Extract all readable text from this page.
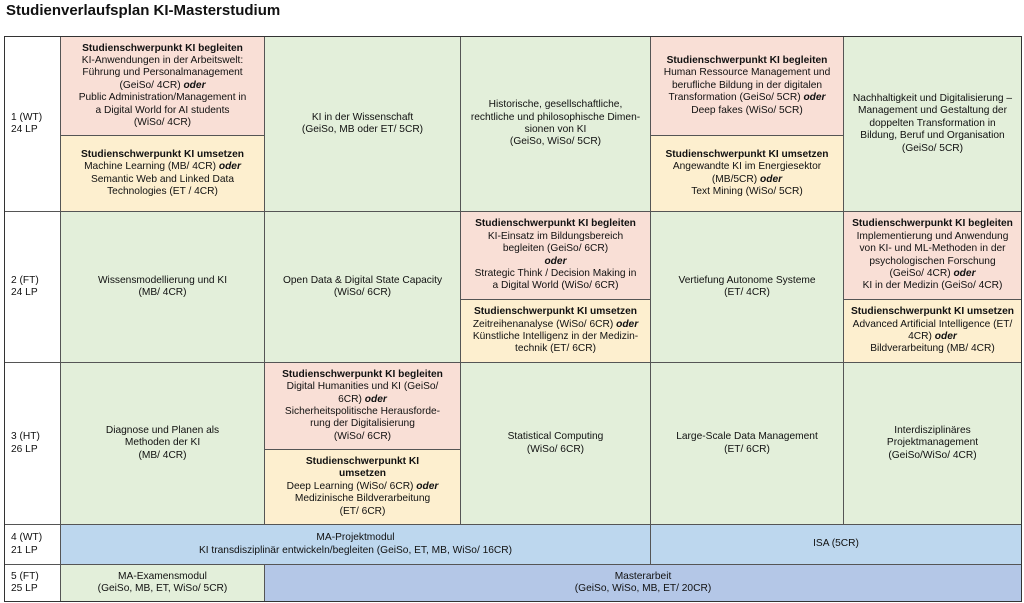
Studienverlaufsplan KI-Masterstudium
1 (WT)
24 LP
2 (FT)
24 LP
3 (HT)
26 LP
4 (WT)
21 LP
5 (FT)
25 LP
Studienschwerpunkt KI begleiten
KI-Anwendungen in der Arbeitswelt:
Führung und Personalmanagement
(GeiSo/ 4CR) oder
Public Administration/Management in
a Digital World for AI students
(WiSo/ 4CR)
Studienschwerpunkt KI umsetzen
Machine Learning (MB/ 4CR) oder
Semantic Web and Linked Data
Technologies (ET / 4CR)
KI in der Wissenschaft
(GeiSo, MB oder ET/ 5CR)
Historische, gesellschaftliche,
rechtliche und philosophische Dimen-
sionen von KI
(GeiSo, WiSo/ 5CR)
Studienschwerpunkt KI begleiten
Human Ressource Management und
berufliche Bildung in der digitalen
Transformation (GeiSo/ 5CR) oder
Deep fakes (WiSo/ 5CR)
Studienschwerpunkt KI umsetzen
Angewandte KI im Energiesektor
(MB/5CR) oder
Text Mining (WiSo/ 5CR)
Nachhaltigkeit und Digitalisierung –
Management und Gestaltung der
doppelten Transformation in
Bildung, Beruf und Organisation
(GeiSo/ 5CR)
Wissensmodellierung und KI
(MB/ 4CR)
Open Data & Digital State Capacity
(WiSo/ 6CR)
Studienschwerpunkt KI begleiten
KI-Einsatz im Bildungsbereich
begleiten (GeiSo/ 6CR)
oder
Strategic Think / Decision Making in
a Digital World (WiSo/ 6CR)
Studienschwerpunkt KI umsetzen
Zeitreihenanalyse (WiSo/ 6CR) oder
Künstliche Intelligenz in der Medizin-
technik (ET/ 6CR)
Vertiefung Autonome Systeme
(ET/ 4CR)
Studienschwerpunkt KI begleiten
Implementierung und Anwendung
von KI- und ML-Methoden in der
psychologischen Forschung
(GeiSo/ 4CR) oder
KI in der Medizin (GeiSo/ 4CR)
Studienschwerpunkt KI umsetzen
Advanced Artificial Intelligence (ET/
4CR) oder
Bildverarbeitung (MB/ 4CR)
Diagnose und Planen als
Methoden der KI
(MB/ 4CR)
Studienschwerpunkt KI begleiten
Digital Humanities und KI (GeiSo/
6CR) oder
Sicherheitspolitische Herausforde-
rung der Digitalisierung
(WiSo/ 6CR)
Studienschwerpunkt KI
umsetzen
Deep Learning (WiSo/ 6CR) oder
Medizinische Bildverarbeitung
(ET/ 6CR)
Statistical Computing
(WiSo/ 6CR)
Large-Scale Data Management
(ET/ 6CR)
Interdisziplinäres
Projektmanagement
(GeiSo/WiSo/ 4CR)
MA-Projektmodul
KI transdisziplinär entwickeln/begleiten (GeiSo, ET, MB, WiSo/ 16CR)
ISA (5CR)
MA-Examensmodul
(GeiSo, MB, ET, WiSo/ 5CR)
Masterarbeit
(GeiSo, WiSo, MB, ET/ 20CR)
